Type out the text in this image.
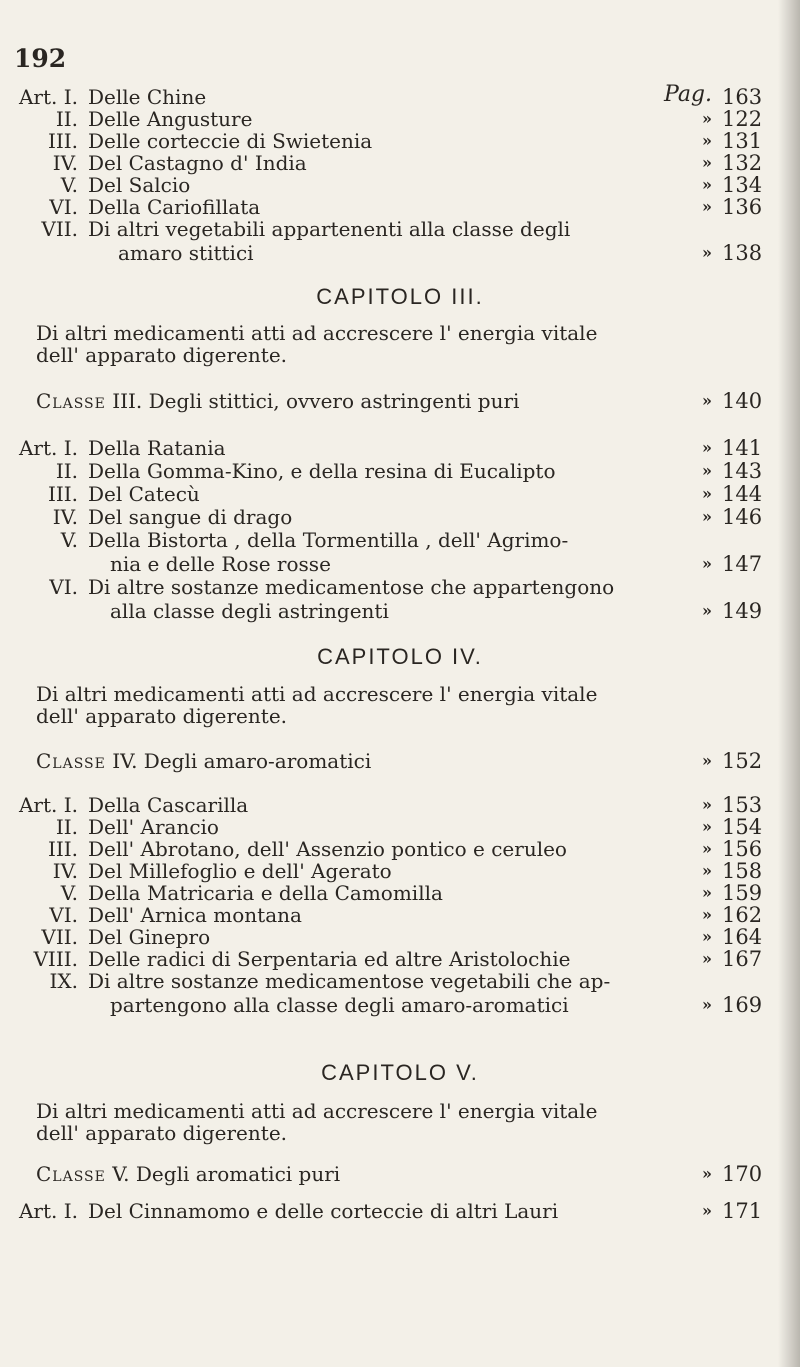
192
Pag.
Art. I. Delle Chine	163
II. Delle Angusture	» 122
III. Delle corteccie di Swietenia	» 131
IV. Del Castagno d' India	» 132
V. Del Salcio	» 134
VI. Della Cariofillata	» 136
VII. Di altri vegetabili appartenenti alla classe degli
amaro stittici	» 138
CAPITOLO III.
Di altri medicamenti atti ad accrescere l' energia vitale
dell' apparato digerente.
Classe III. Degli stittici, ovvero astringenti puri	» 140
Art. I. Della Ratania	» 141
II. Della Gomma-Kino, e della resina di Eucalipto	» 143
III. Del Catecù	» 144
IV. Del sangue di drago	» 146
V. Della Bistorta , della Tormentilla , dell' Agrimo-
nia e delle Rose rosse	» 147
VI. Di altre sostanze medicamentose che appartengono
alla classe degli astringenti	» 149
CAPITOLO IV.
Di altri medicamenti atti ad accrescere l' energia vitale
dell' apparato digerente.
Classe IV. Degli amaro-aromatici	» 152
Art. I. Della Cascarilla	» 153
II. Dell' Arancio	» 154
III. Dell' Abrotano, dell' Assenzio pontico e ceruleo	» 156
IV. Del Millefoglio e dell' Agerato	» 158
V. Della Matricaria e della Camomilla	» 159
VI. Dell' Arnica montana	» 162
VII. Del Ginepro	» 164
VIII. Delle radici di Serpentaria ed altre Aristolochie	» 167
IX. Di altre sostanze medicamentose vegetabili che ap-
partengono alla classe degli amaro-aromatici	» 169
CAPITOLO V.
Di altri medicamenti atti ad accrescere l' energia vitale
dell' apparato digerente.
Classe V. Degli aromatici puri	» 170
Art. I. Del Cinnamomo e delle corteccie di altri Lauri	» 171
